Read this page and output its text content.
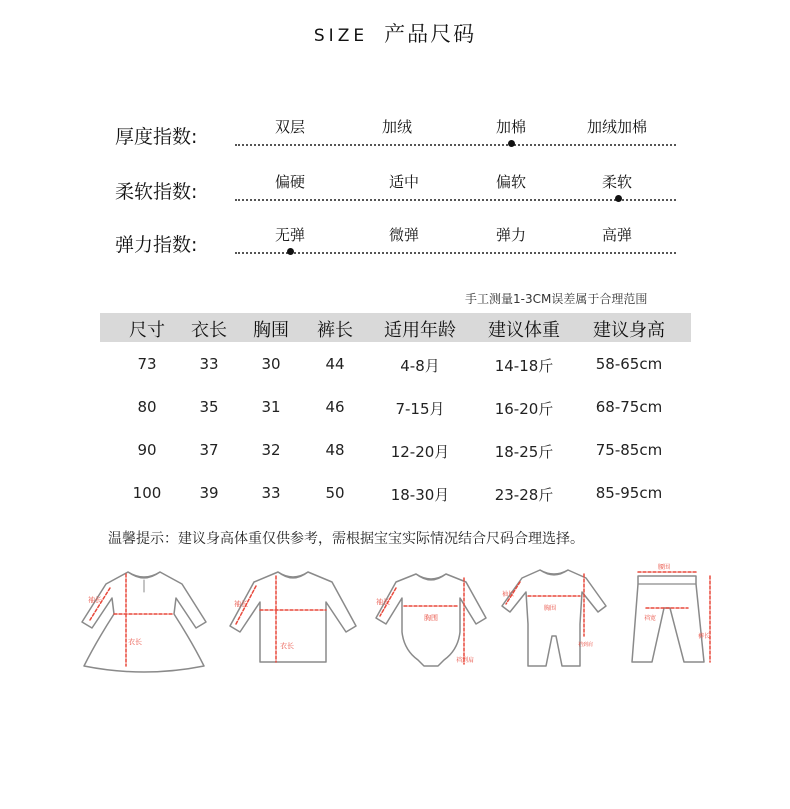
SIZE 产品尺码
厚度指数:	双层	加绒	加棉	加绒加棉
柔软指数:	偏硬	适中	偏软	柔软
弹力指数:	无弹	微弹	弹力	高弹
手工测量1-3CM误差属于合理范围
尺寸	衣长	胸围	裤长	适用年龄	建议体重	建议身高
73	33	30	44	4-8月	14-18斤	58-65cm
80	35	31	46	7-15月	16-20斤	68-75cm
90	37	32	48	12-20月	18-25斤	75-85cm
100	39	33	50	18-30月	23-28斤	85-95cm
温馨提示：建议身高体重仅供参考，需根据宝宝实际情况结合尺码合理选择。
袖长
衣长
袖长
衣长
袖长
胸围
裆到肩
袖长
胸围
裆到肩
腰围
裆宽
裤长
